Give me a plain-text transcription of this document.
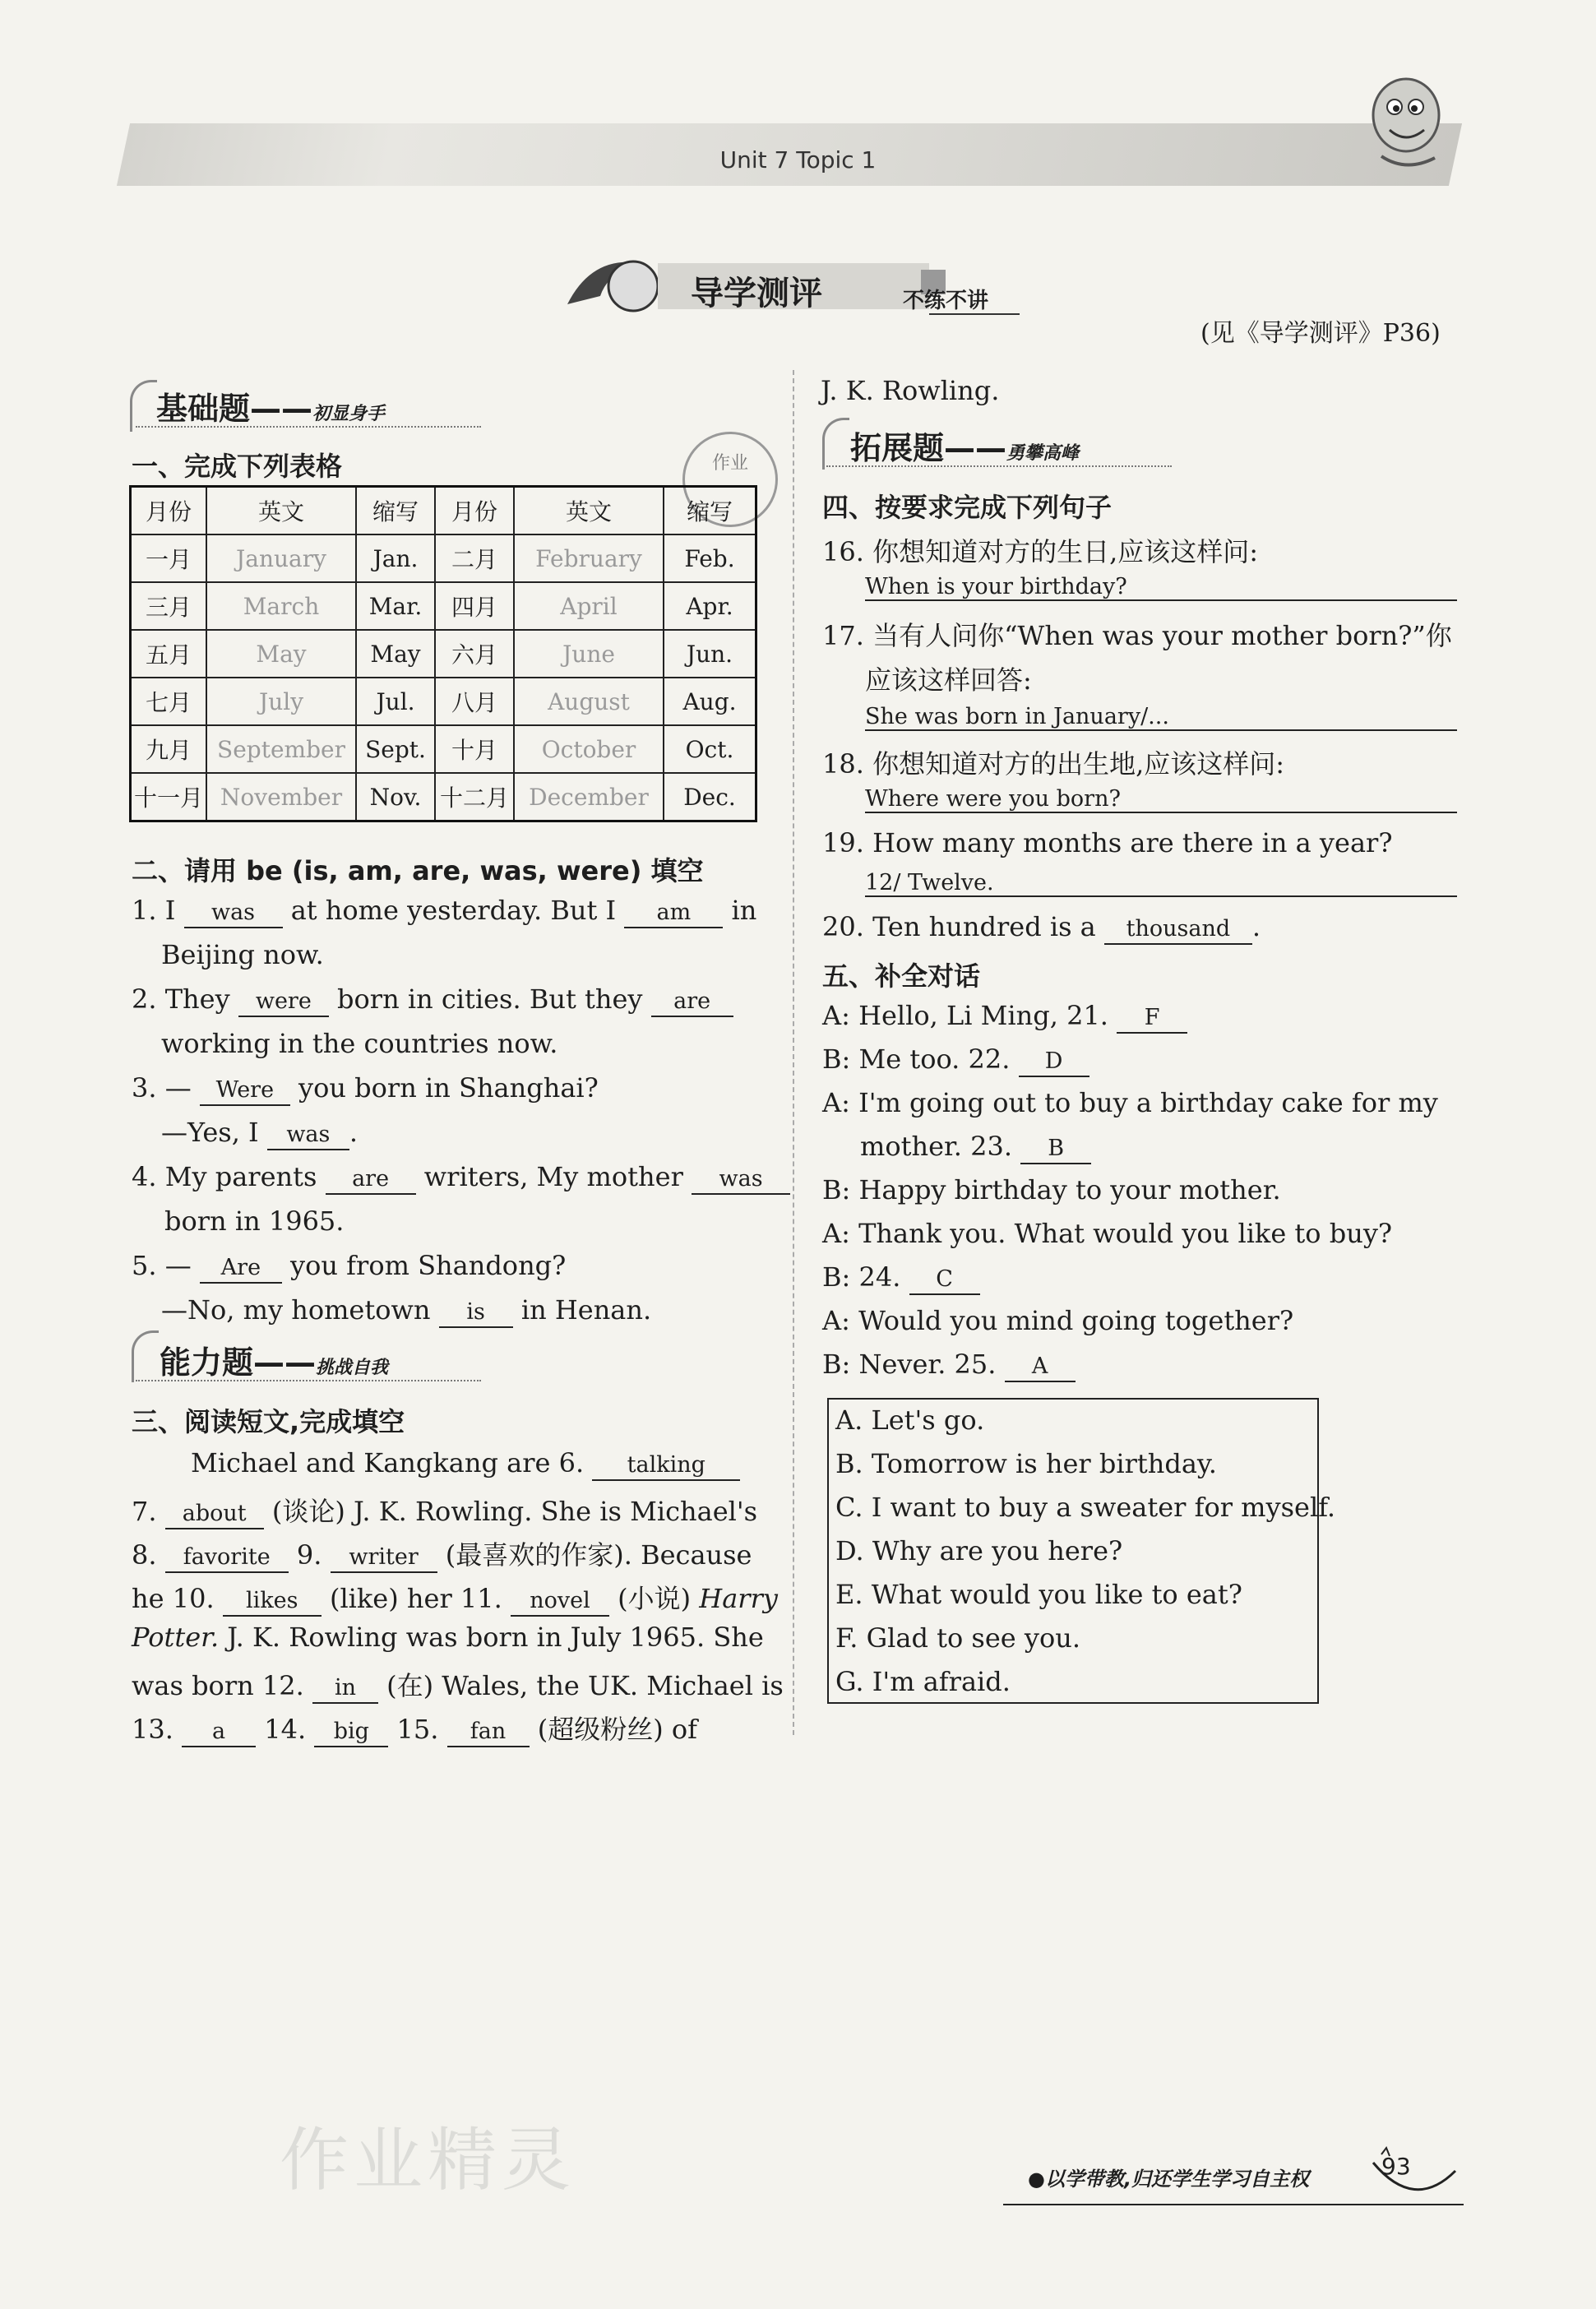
Unit 7 Topic 1
导学测评	不练不讲
(见《导学测评》P36)
基础题——初显身手
一、完成下列表格	作业
月份	英文	缩写	月份	英文	缩写
一月	January	Jan.	二月	February	Feb.
三月	March	Mar.	四月	April	Apr.
五月	May	May	六月	June	Jun.
七月	July	Jul.	八月	August	Aug.
九月	September	Sept.	十月	October	Oct.
十一月	November	Nov.	十二月	December	Dec.
二、请用 be (is, am, are, was, were) 填空
1. I was at home yesterday. But I am in
Beijing now.
2. They were born in cities. But they are
working in the countries now.
3. — Were you born in Shanghai?
—Yes, I was .
4. My parents are writers, My mother was
born in 1965.
5. — Are you from Shandong?
—No, my hometown is in Henan.
能力题——挑战自我
三、阅读短文,完成填空
Michael and Kangkang are 6. talking
7. about (谈论) J. K. Rowling. She is Michael's
8. favorite 9. writer (最喜欢的作家). Because
he 10. likes (like) her 11. novel (小说) Harry
Potter. J. K. Rowling was born in July 1965. She
was born 12. in (在) Wales, the UK. Michael is
13. a 14. big 15. fan (超级粉丝) of
J. K. Rowling.
拓展题——勇攀高峰
四、按要求完成下列句子
16. 你想知道对方的生日,应该这样问:
When is your birthday?
17. 当有人问你“When was your mother born?”你
应该这样回答:
She was born in January/...
18. 你想知道对方的出生地,应该这样问:
Where were you born?
19. How many months are there in a year?
12/ Twelve.
20. Ten hundred is a thousand .
五、补全对话
A: Hello, Li Ming, 21. F
B: Me too. 22. D
A: I'm going out to buy a birthday cake for my
mother. 23. B
B: Happy birthday to your mother.
A: Thank you. What would you like to buy?
B: 24. C
A: Would you mind going together?
B: Never. 25. A
A. Let's go.
B. Tomorrow is her birthday.
C. I want to buy a sweater for myself.
D. Why are you here?
E. What would you like to eat?
F. Glad to see you.
G. I'm afraid.
作业精灵	●以学带教,归还学生学习自主权	93
